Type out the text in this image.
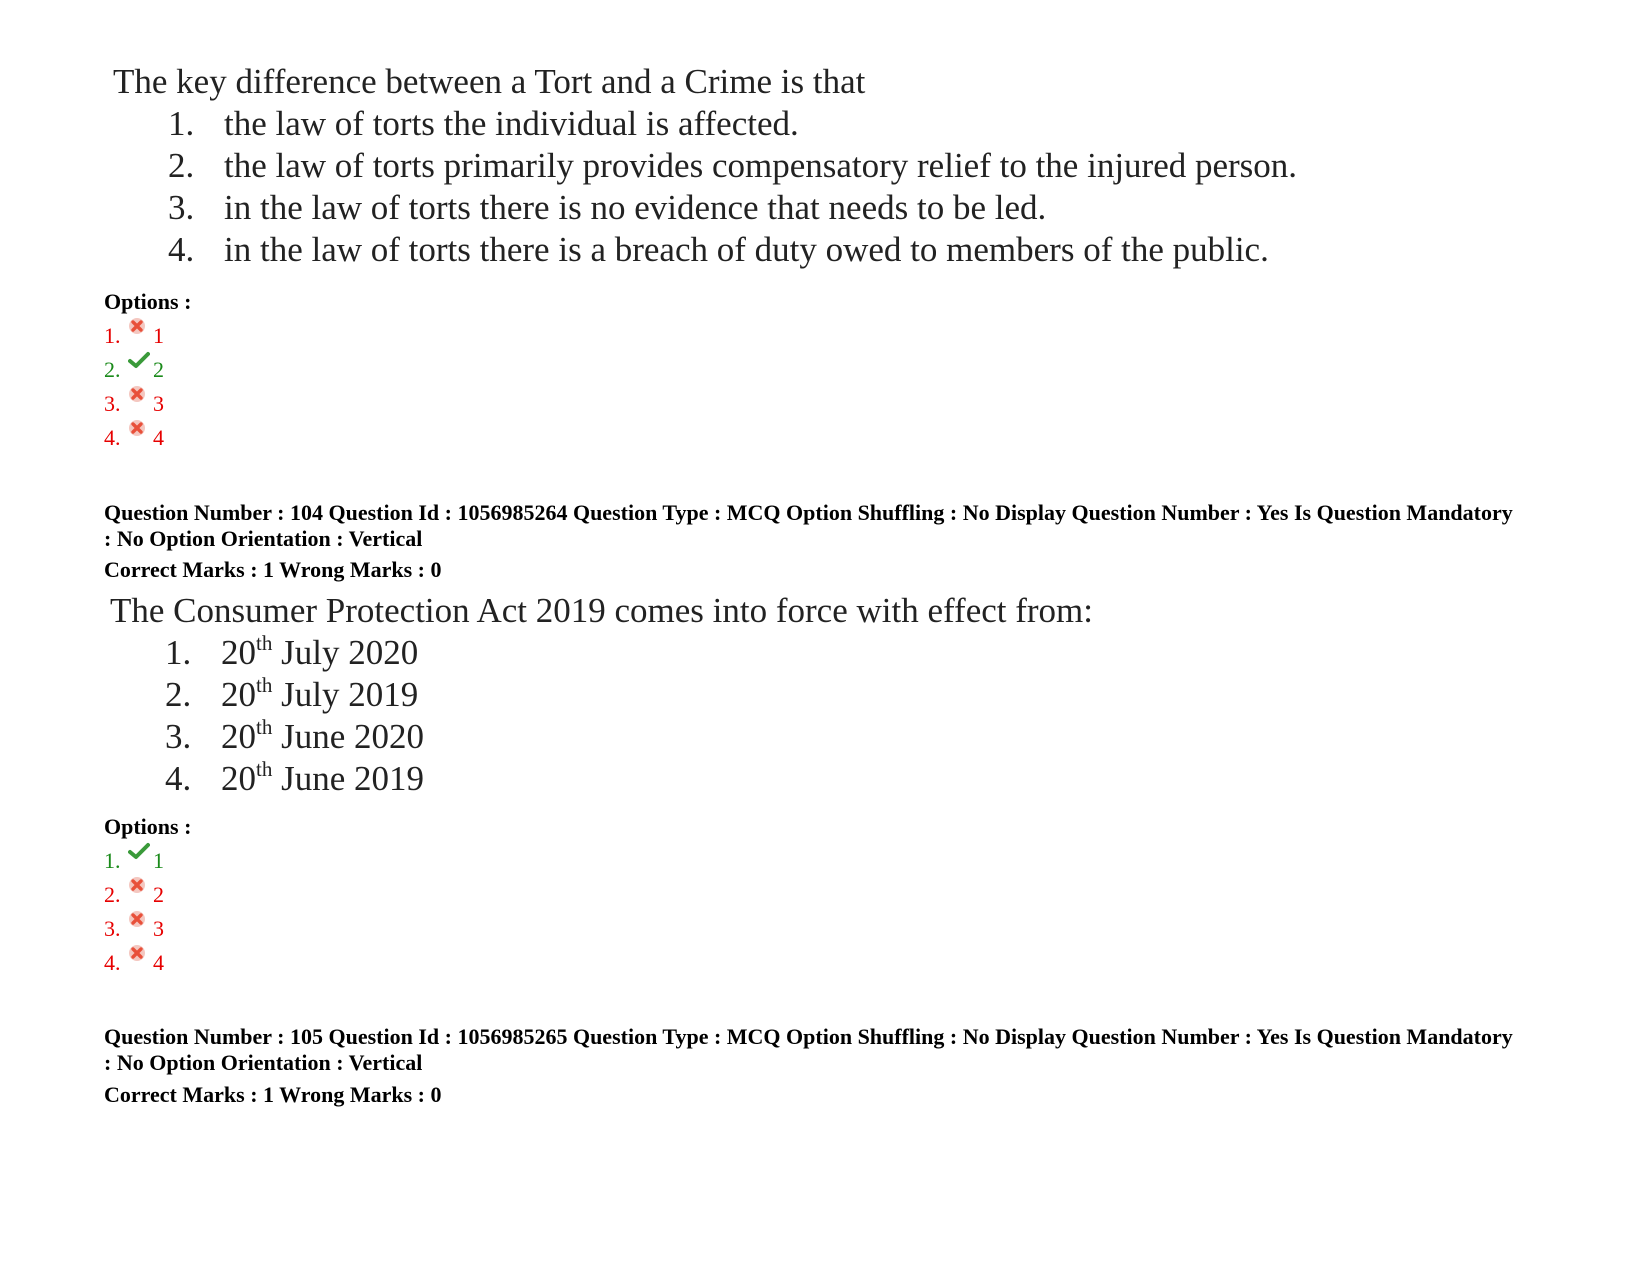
The key difference between a Tort and a Crime is that
1. the law of torts the individual is affected.
2. the law of torts primarily provides compensatory relief to the injured person.
3. in the law of torts there is no evidence that needs to be led.
4. in the law of torts there is a breach of duty owed to members of the public.
Options :
1. 1
2. 2
3. 3
4. 4
Question Number : 104 Question Id : 1056985264 Question Type : MCQ Option Shuffling : No Display Question Number : Yes Is Question Mandatory : No Option Orientation : Vertical
Correct Marks : 1 Wrong Marks : 0
The Consumer Protection Act 2019 comes into force with effect from:
1. 20th July 2020
2. 20th July 2019
3. 20th June 2020
4. 20th June 2019
Options :
1. 1
2. 2
3. 3
4. 4
Question Number : 105 Question Id : 1056985265 Question Type : MCQ Option Shuffling : No Display Question Number : Yes Is Question Mandatory : No Option Orientation : Vertical
Correct Marks : 1 Wrong Marks : 0
